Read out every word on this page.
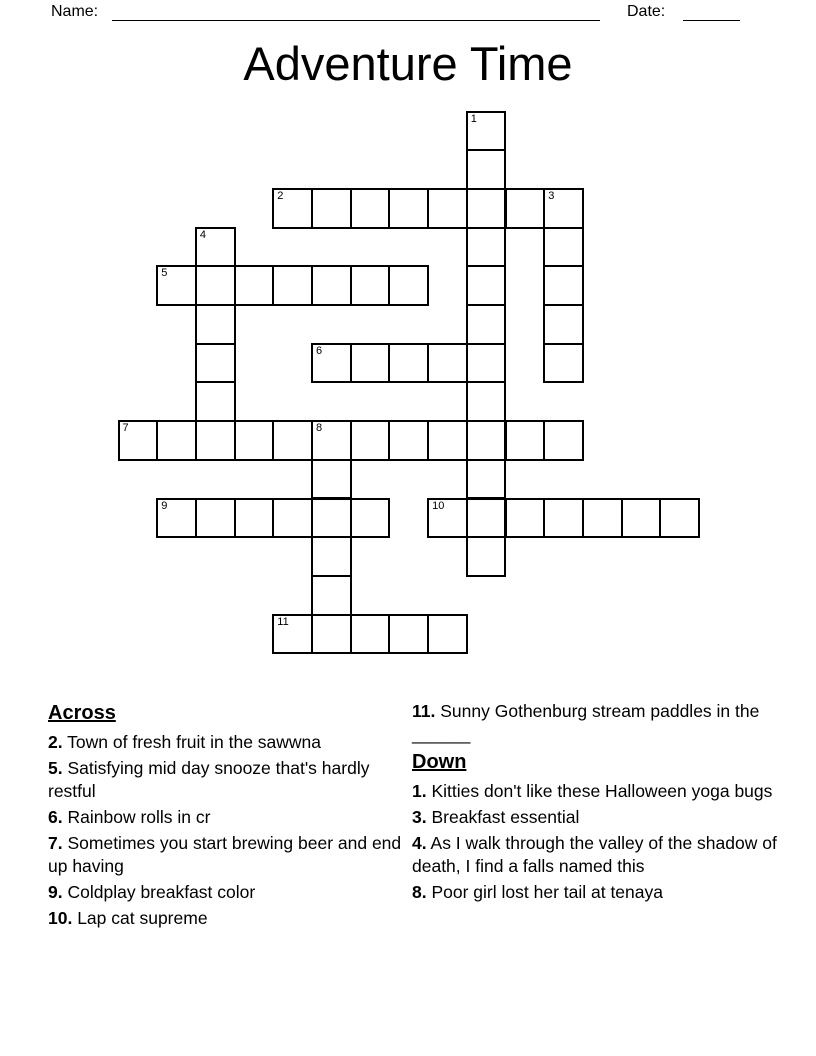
Name:	Date:
Adventure Time
1
2	3
4
5
6
7	8
9	10
11
Across

2. Town of fresh fruit in the sawwna

5. Satisfying mid day snooze that's hardly restful

6. Rainbow rolls in cr

7. Sometimes you start brewing beer and end up having

9. Coldplay breakfast color

10. Lap cat supreme

11. Sunny Gothenburg stream paddles in the ______

Down

1. Kitties don't like these Halloween yoga bugs

3. Breakfast essential

4. As I walk through the valley of the shadow of death, I find a falls named this

8. Poor girl lost her tail at tenaya
